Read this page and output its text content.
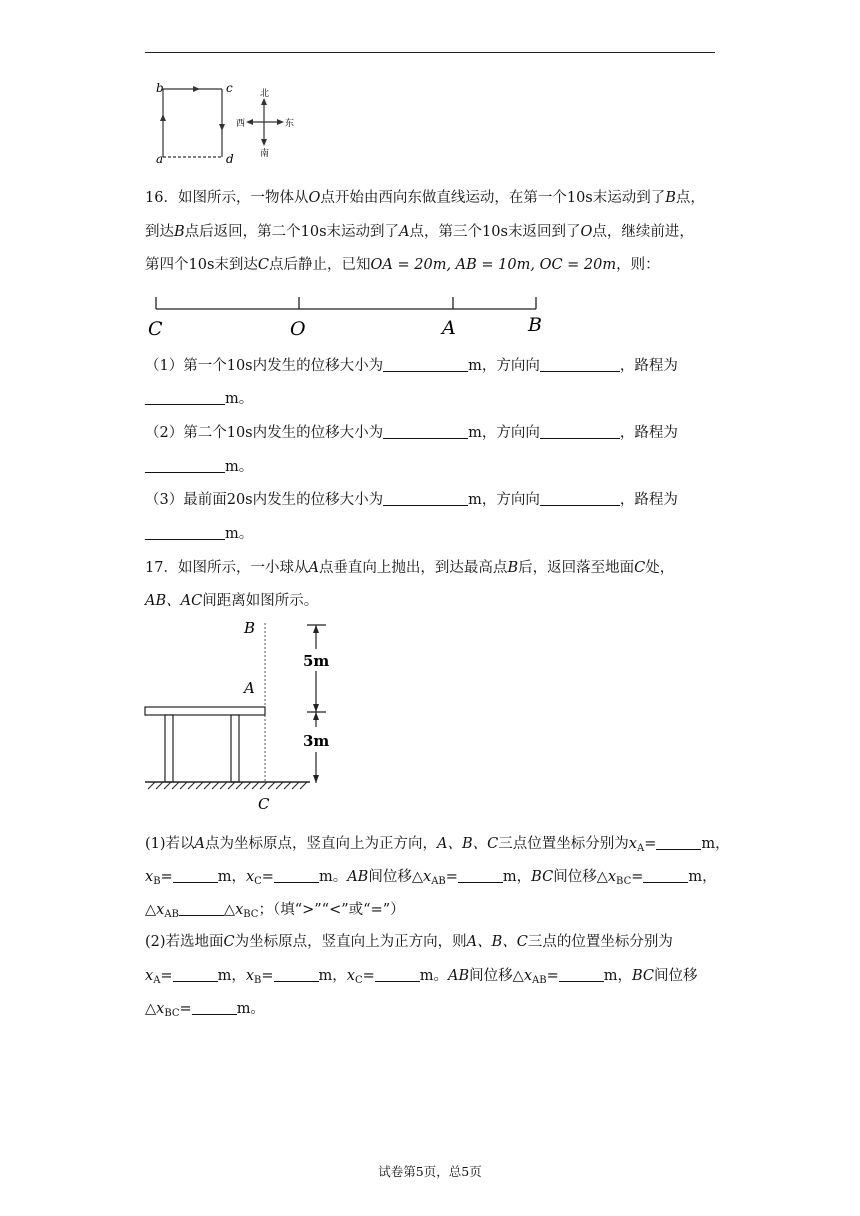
b	c
a	d
北
南
西	东
16．如图所示，一物体从O点开始由西向东做直线运动，在第一个10s末运动到了B点，
到达B点后返回，第二个10s末运动到了A点，第三个10s末返回到了O点，继续前进，
第四个10s末到达C点后静止，已知OA = 20m, AB = 10m, OC = 20m，则：
C	O	A	B
（1）第一个10s内发生的位移大小为	m，方向向	，路程为
m。
（2）第二个10s内发生的位移大小为	m，方向向	，路程为
m。
（3）最前面20s内发生的位移大小为	m，方向向	，路程为
m。
17．如图所示，一小球从A点垂直向上抛出，到达最高点B后，返回落至地面C处，
AB、AC间距离如图所示。
B
A
C
5m
3m
(1)若以A点为坐标原点，竖直向上为正方向，A、B、C三点位置坐标分别为$x_A=$	m，
$x_B=$	m，$x_C=$	m。AB间位移$\triangle x_{AB}=$	m，BC间位移$\triangle x_{BC}=$	m，
$\triangle x_{AB}$	$\triangle x_{BC}$；（填“>”“<”或“=”）
(2)若选地面C为坐标原点，竖直向上为正方向，则A、B、C三点的位置坐标分别为
$x_A=$	m，$x_B=$	m，$x_C=$	m。AB间位移$\triangle x_{AB}=$	m，BC间位移
$\triangle x_{BC}=$	m。
试卷第5页，总5页
